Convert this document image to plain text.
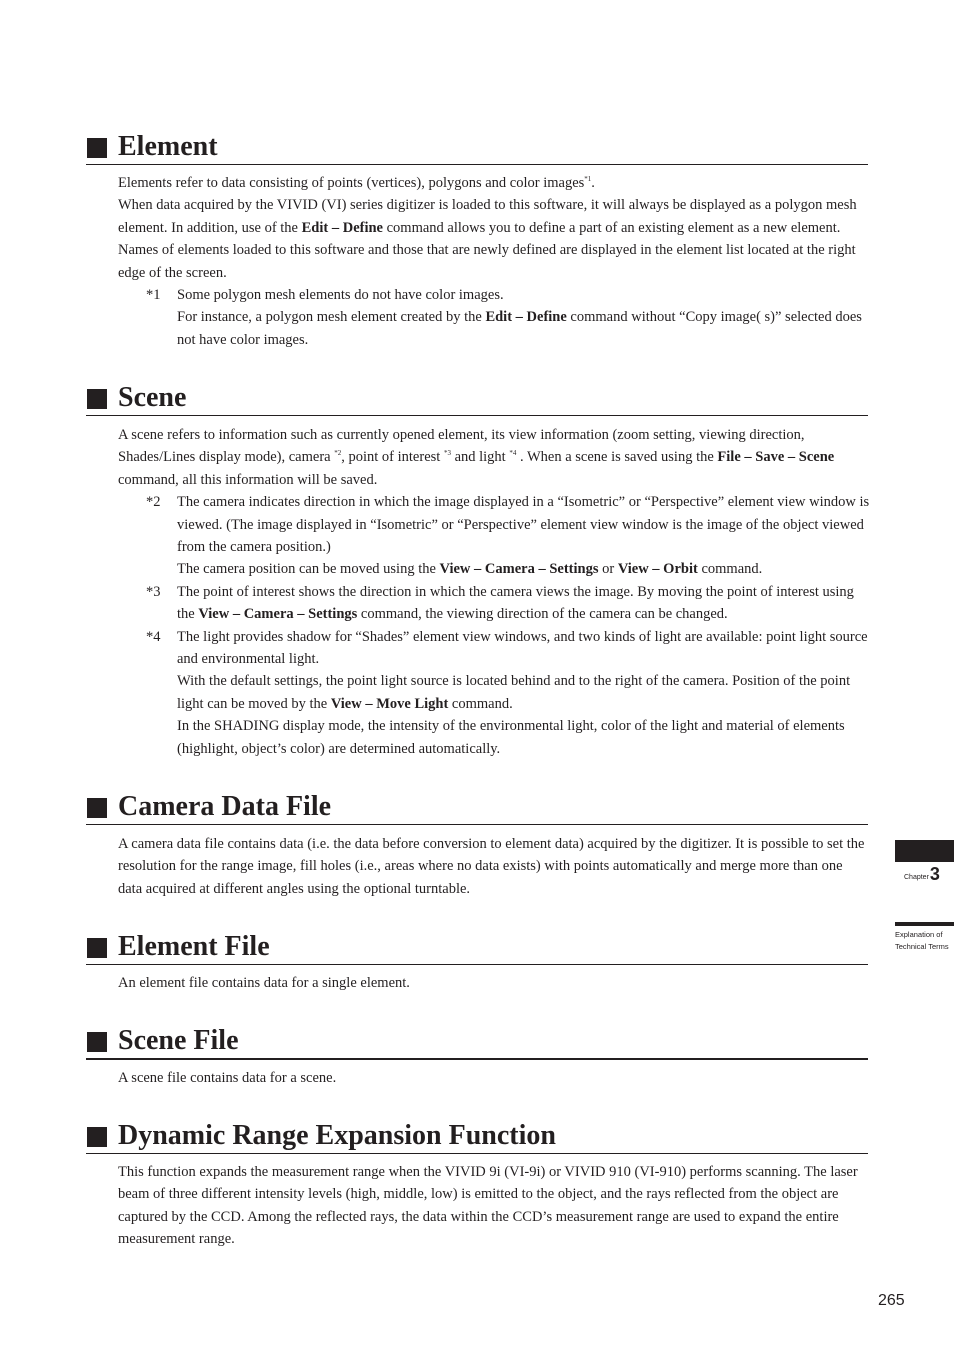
Element

Elements refer to data consisting of points (vertices), polygons and color images$^{*1}$.

When data acquired by the VIVID (VI) series digitizer is loaded to this software, it will always be displayed as a polygon mesh element. In addition, use of the Edit – Define command allows you to define a part of an existing element as a new element. Names of elements loaded to this software and those that are newly defined are displayed in the element list located at the right edge of the screen.

*1 Some polygon mesh elements do not have color images.

For instance, a polygon mesh element created by the Edit – Define command without “Copy image( s)” selected does not have color images.

Scene

A scene refers to information such as currently opened element, its view information (zoom setting, viewing direction, Shades/Lines display mode), camera $^{*2}$, point of interest $^{*3}$ and light $^{*4}$ . When a scene is saved using the File – Save – Scene command, all this information will be saved.

*2 The camera indicates direction in which the image displayed in a “Isometric” or “Perspective” element view window is viewed. (The image displayed in “Isometric” or “Perspective” element view window is the image of the object viewed from the camera position.)

The camera position can be moved using the View – Camera – Settings or View – Orbit command.

*3 The point of interest shows the direction in which the camera views the image. By moving the point of interest using the View – Camera – Settings command, the viewing direction of the camera can be changed.

*4 The light provides shadow for “Shades” element view windows, and two kinds of light are available: point light source and environmental light.

With the default settings, the point light source is located behind and to the right of the camera. Position of the point light can be moved by the View – Move Light command.

In the SHADING display mode, the intensity of the environmental light, color of the light and material of elements (highlight, object’s color) are determined automatically.

Camera Data File

A camera data file contains data (i.e. the data before conversion to element data) acquired by the digitizer. It is possible to set the resolution for the range image, fill holes (i.e., areas where no data exists) with points automatically and merge more than one data acquired at different angles using the optional turntable.

Element File

An element file contains data for a single element.

Scene File

A scene file contains data for a scene.

Dynamic Range Expansion Function

This function expands the measurement range when the VIVID 9i (VI-9i) or VIVID 910 (VI-910) performs scanning. The laser beam of three different intensity levels (high, middle, low) is emitted to the object, and the rays reflected from the object are captured by the CCD. Among the reflected rays, the data within the CCD’s measurement range are used to expand the entire measurement range.

Chapter3
Explanation of
Technical Terms
265
